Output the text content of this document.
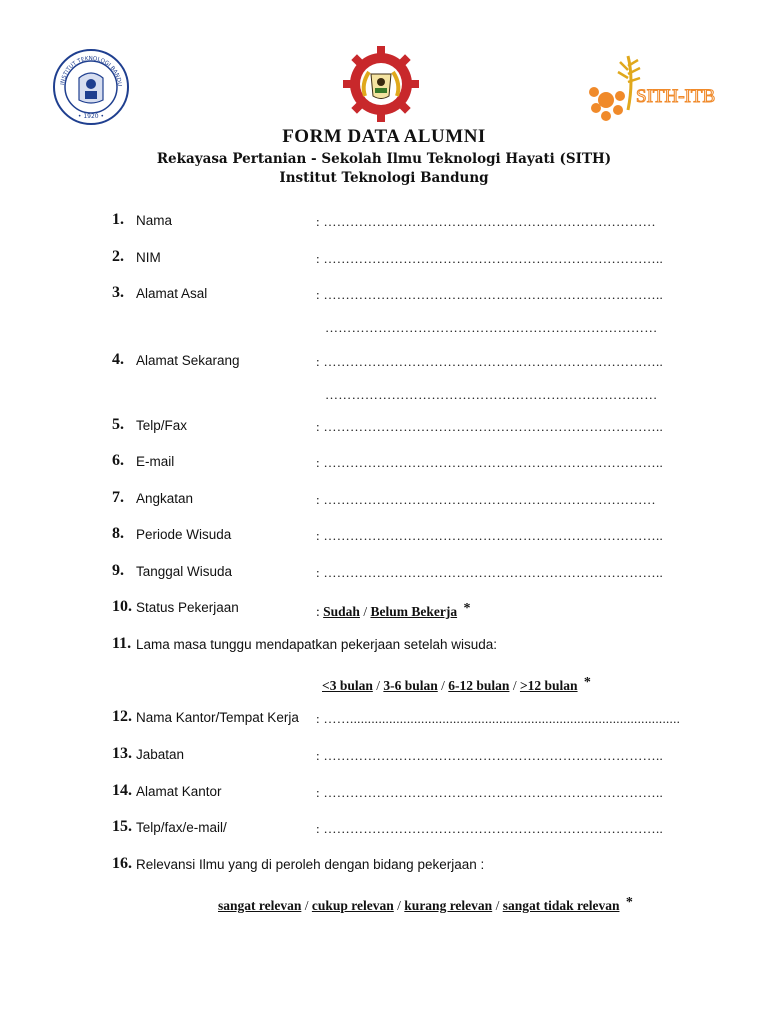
INSTITUT TEKNOLOGI BANDU
• 1920 •
SITH-ITB
FORM DATA ALUMNI

Rekayasa Pertanian - Sekolah Ilmu Teknologi Hayati (SITH)

Institut Teknologi Bandung

1. Nama	: …………………………………………………………………
2. NIM	: …………………………………………………………………..
3. Alamat Asal	: …………………………………………………………………..
…………………………………………………………………
4. Alamat Sekarang	: …………………………………………………………………..
…………………………………………………………………
5. Telp/Fax	: …………………………………………………………………..
6. E-mail	: …………………………………………………………………..
7. Angkatan	: …………………………………………………………………
8. Periode Wisuda	: …………………………………………………………………..
9. Tanggal Wisuda	: …………………………………………………………………..
10. Status Pekerjaan	: Sudah / Belum Bekerja *
11. Lama masa tunggu mendapatkan pekerjaan setelah wisuda:
<3 bulan / 3-6 bulan / 6-12 bulan / >12 bulan *
12. Nama Kantor/Tempat Kerja : …….............................................................................................
13. Jabatan	: …………………………………………………………………..
14. Alamat Kantor	: …………………………………………………………………..
15. Telp/fax/e-mail/	: …………………………………………………………………..
16. Relevansi Ilmu yang di peroleh dengan bidang pekerjaan :
sangat relevan / cukup relevan / kurang relevan / sangat tidak relevan *
